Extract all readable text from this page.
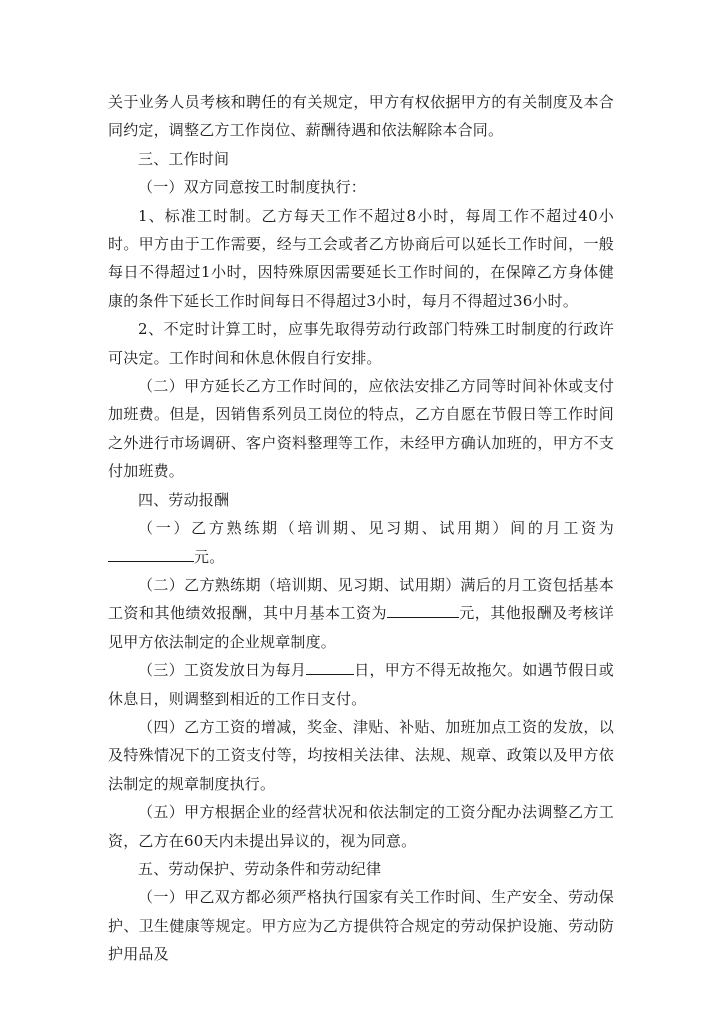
关于业务人员考核和聘任的有关规定，甲方有权依据甲方的有关制度及本合同约定，调整乙方工作岗位、薪酬待遇和依法解除本合同。

三、工作时间

（一）双方同意按工时制度执行：

1、标准工时制。乙方每天工作不超过8小时，每周工作不超过40小时。甲方由于工作需要，经与工会或者乙方协商后可以延长工作时间，一般每日不得超过1小时，因特殊原因需要延长工作时间的，在保障乙方身体健康的条件下延长工作时间每日不得超过3小时，每月不得超过36小时。

2、不定时计算工时，应事先取得劳动行政部门特殊工时制度的行政许可决定。工作时间和休息休假自行安排。

（二）甲方延长乙方工作时间的，应依法安排乙方同等时间补休或支付加班费。但是，因销售系列员工岗位的特点，乙方自愿在节假日等工作时间之外进行市场调研、客户资料整理等工作，未经甲方确认加班的，甲方不支付加班费。

四、劳动报酬

（一）乙方熟练期（培训期、见习期、试用期）间的月工资为元。

（二）乙方熟练期（培训期、见习期、试用期）满后的月工资包括基本工资和其他绩效报酬，其中月基本工资为	元，其他报酬及考核详见甲方依法制定的企业规章制度。

（三）工资发放日为每月	日，甲方不得无故拖欠。如遇节假日或休息日，则调整到相近的工作日支付。

（四）乙方工资的增减，奖金、津贴、补贴、加班加点工资的发放，以及特殊情况下的工资支付等，均按相关法律、法规、规章、政策以及甲方依法制定的规章制度执行。

（五）甲方根据企业的经营状况和依法制定的工资分配办法调整乙方工资，乙方在60天内未提出异议的，视为同意。

五、劳动保护、劳动条件和劳动纪律

（一）甲乙双方都必须严格执行国家有关工作时间、生产安全、劳动保护、卫生健康等规定。甲方应为乙方提供符合规定的劳动保护设施、劳动防护用品及
